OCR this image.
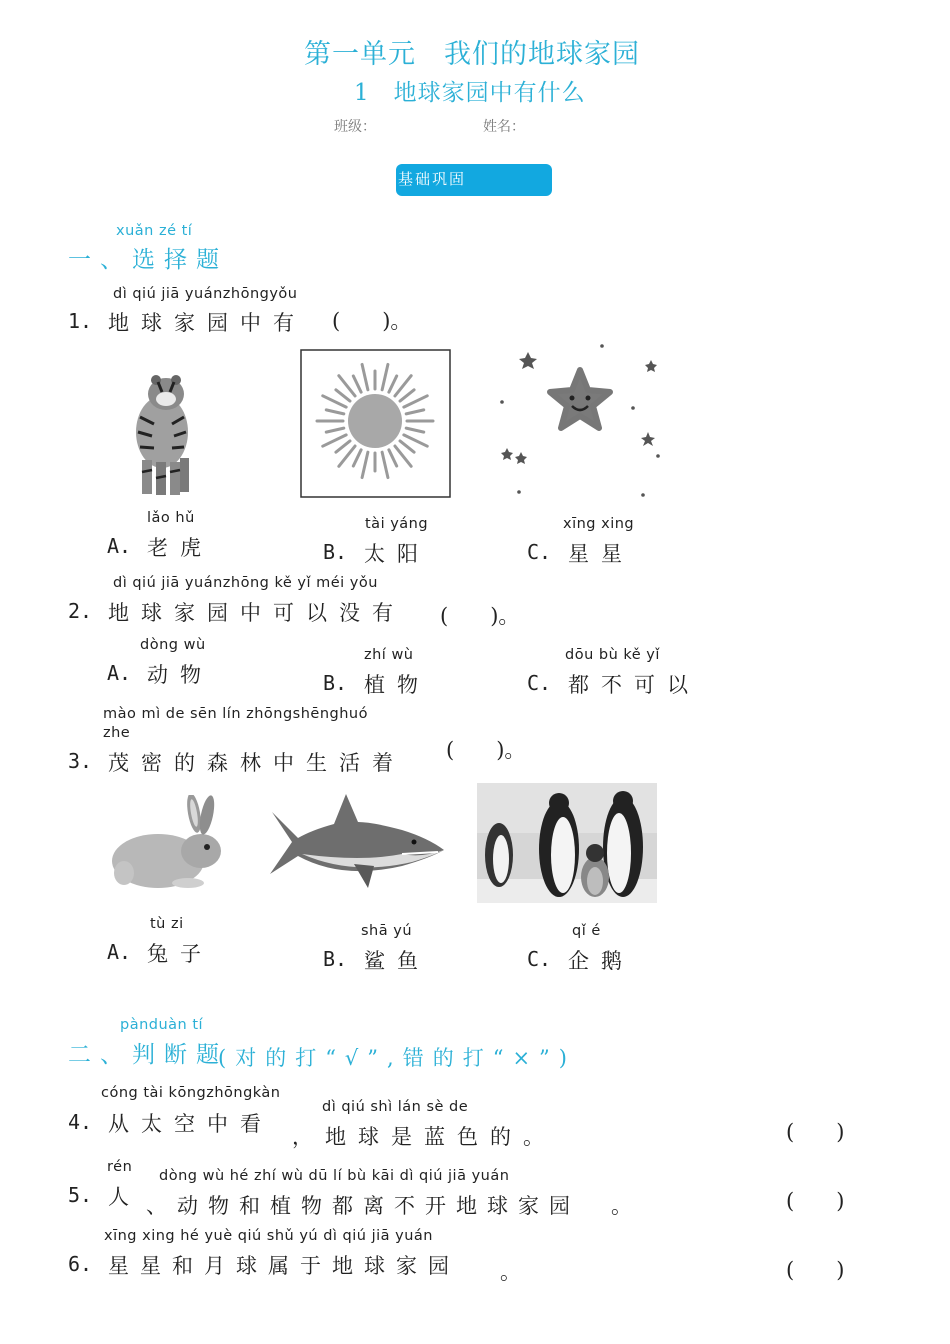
第一单元　我们的地球家园
1　地球家园中有什么
班级：	姓名：
基础巩固
xuǎn zé tí
一、选择题
dì qiú jiā yuánzhōngyǒu
1. 地球家园中有 (　　)。
lǎo hǔ
A. 老虎
tài yáng
B. 太阳
xīng xing
C. 星星
dì qiú jiā yuánzhōng kě yǐ méi yǒu
2. 地球家园中可以没有 (　　)。
dòng wù
A. 动物
zhí wù
B. 植物
dōu bù kě yǐ
C. 都不可以
mào mì de sēn lín zhōngshēnghuó
zhe
3. 茂密的森林中生活着
(　　)。
tù zi
A. 兔子
shā yú
B. 鲨鱼
qǐ é
C. 企鹅
pànduàn tí
二、判断题
(对的打“√”,错的打“×”)
cóng tài kōngzhōngkàn
4. 从太空中看
dì qiú shì lán sè de
，地球是蓝色的。	(　　)
rén
5. 人
dòng wù hé zhí wù dū lí bù kāi dì qiú jiā yuán
、动物和植物都离不开地球家园　。	(　　)
xīng xing hé yuè qiú shǔ yú dì qiú jiā yuán
6. 星星和月球属于地球家园 。	(　　)
